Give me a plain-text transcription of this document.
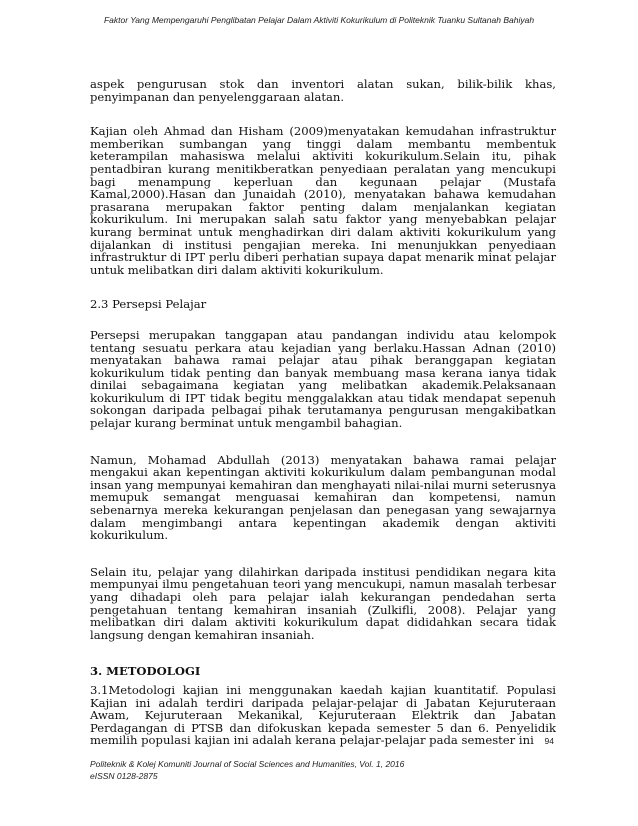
Faktor Yang Mempengaruhi Penglibatan Pelajar Dalam Aktiviti Kokurikulum di Politeknik Tuanku Sultanah Bahiyah

aspek pengurusan stok dan inventori alatan sukan, bilik-bilik khas, penyimpanan dan penyelenggaraan alatan.

Kajian oleh Ahmad dan Hisham (2009)menyatakan kemudahan infrastruktur memberikan sumbangan yang tinggi dalam membantu membentuk keterampilan mahasiswa melalui aktiviti kokurikulum.Selain itu, pihak pentadbiran kurang menitikberatkan penyediaan peralatan yang mencukupi bagi menampung keperluan dan kegunaan pelajar (Mustafa Kamal,2000).Hasan dan Junaidah (2010), menyatakan bahawa kemudahan prasarana merupakan faktor penting dalam menjalankan kegiatan kokurikulum. Ini merupakan salah satu faktor yang menyebabkan pelajar kurang berminat untuk menghadirkan diri dalam aktiviti kokurikulum yang dijalankan di institusi pengajian mereka. Ini menunjukkan penyediaan infrastruktur di IPT perlu diberi perhatian supaya dapat menarik minat pelajar untuk melibatkan diri dalam aktiviti kokurikulum.

2.3 Persepsi Pelajar

Persepsi merupakan tanggapan atau pandangan individu atau kelompok tentang sesuatu perkara atau kejadian yang berlaku.Hassan Adnan (2010) menyatakan bahawa ramai pelajar atau pihak beranggapan kegiatan kokurikulum tidak penting dan banyak membuang masa kerana ianya tidak dinilai sebagaimana kegiatan yang melibatkan akademik.Pelaksanaan kokurikulum di IPT tidak begitu menggalakkan atau tidak mendapat sepenuh sokongan daripada pelbagai pihak terutamanya pengurusan mengakibatkan pelajar kurang berminat untuk mengambil bahagian.

Namun, Mohamad Abdullah (2013) menyatakan bahawa ramai pelajar mengakui akan kepentingan aktiviti kokurikulum dalam pembangunan modal insan yang mempunyai kemahiran dan menghayati nilai-nilai murni seterusnya memupuk semangat menguasai kemahiran dan kompetensi, namun sebenarnya mereka kekurangan penjelasan dan penegasan yang sewajarnya dalam mengimbangi antara kepentingan akademik dengan aktiviti kokurikulum.

Selain itu, pelajar yang dilahirkan daripada institusi pendidikan negara kita mempunyai ilmu pengetahuan teori yang mencukupi, namun masalah terbesar yang dihadapi oleh para pelajar ialah kekurangan pendedahan serta pengetahuan tentang kemahiran insaniah (Zulkifli, 2008). Pelajar yang melibatkan diri dalam aktiviti kokurikulum dapat dididahkan secara tidak langsung dengan kemahiran insaniah.

3. METODOLOGI

3.1Metodologi kajian ini menggunakan kaedah kajian kuantitatif. Populasi Kajian ini adalah terdiri daripada pelajar-pelajar di Jabatan Kejuruteraan Awam, Kejuruteraan Mekanikal, Kejuruteraan Elektrik dan Jabatan Perdagangan di PTSB dan difokuskan kepada semester 5 dan 6. Penyelidik memilih populasi kajian ini adalah kerana pelajar-pelajar pada semester ini	94
Politeknik & Kolej Komuniti Journal of Social Sciences and Humanities, Vol. 1, 2016
eISSN 0128-2875
